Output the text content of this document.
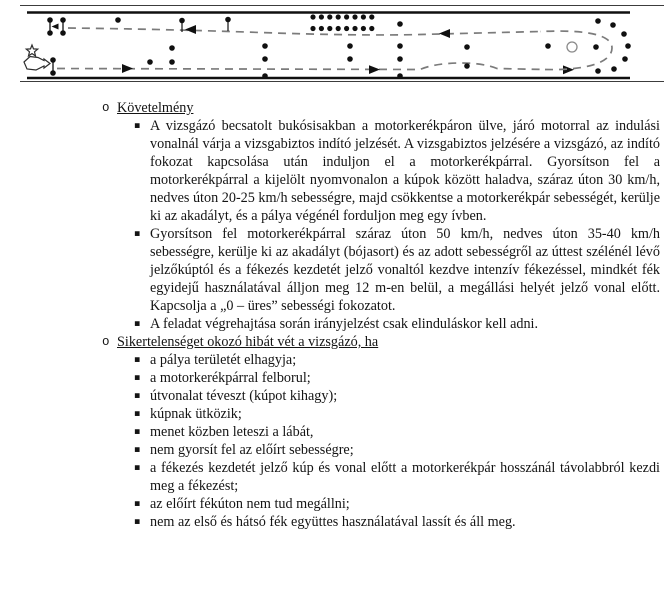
o Követelmény
▪ A vizsgázó becsatolt bukósisakban a motorkerékpáron ülve, járó motorral az indulási vonalnál várja a vizsgabiztos indító jelzését. A vizsgabiztos jelzésére a vizsgázó, az indító fokozat kapcsolása után induljon el a motorkerékpárral. Gyorsítson fel a motorkerékpárral a kijelölt nyomvonalon a kúpok között haladva, száraz úton 30 km/h, nedves úton 20-25 km/h sebességre, majd csökkentse a motorkerékpár sebességét, kerülje ki az akadályt, és a pálya végénél forduljon meg egy ívben.
▪ Gyorsítson fel motorkerékpárral száraz úton 50 km/h, nedves úton 35-40 km/h sebességre, kerülje ki az akadályt (bójasort) és az adott sebességről az úttest szélénél lévő jelzőkúptól és a fékezés kezdetét jelző vonaltól kezdve intenzív fékezéssel, mindkét fék egyidejű használatával álljon meg 12 m-en belül, a megállási helyét jelző vonal előtt. Kapcsolja a „0 – üres” sebességi fokozatot.
▪ A feladat végrehajtása során irányjelzést csak elinduláskor kell adni.
o Sikertelenséget okozó hibát vét a vizsgázó, ha
▪ a pálya területét elhagyja;
▪ a motorkerékpárral felborul;
▪ útvonalat téveszt (kúpot kihagy);
▪ kúpnak ütközik;
▪ menet közben leteszi a lábát,
▪ nem gyorsít fel az előírt sebességre;
▪ a fékezés kezdetét jelző kúp és vonal előtt a motorkerékpár hosszánál távolabbról kezdi meg a fékezést;
▪ az előírt fékúton nem tud megállni;
▪ nem az első és hátsó fék együttes használatával lassít és áll meg.
